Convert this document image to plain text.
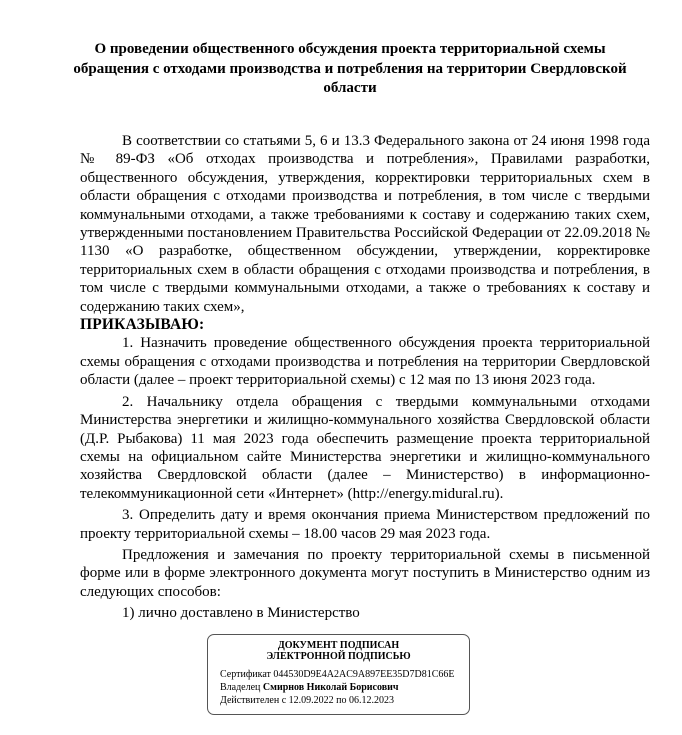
О проведении общественного обсуждения проекта территориальной схемы обращения с отходами производства и потребления на территории Свердловской области

В соответствии со статьями 5, 6 и 13.3 Федерального закона от 24 июня 1998 года № 89-ФЗ «Об отходах производства и потребления», Правилами разработки, общественного обсуждения, утверждения, корректировки территориальных схем в области обращения с отходами производства и потребления, в том числе с твердыми коммунальными отходами, а также требованиями к составу и содержанию таких схем, утвержденными постановлением Правительства Российской Федерации от 22.09.2018 № 1130 «О разработке, общественном обсуждении, утверждении, корректировке территориальных схем в области обращения с отходами производства и потребления, в том числе с твердыми коммунальными отходами, а также о требованиях к составу и содержанию таких схем»,

ПРИКАЗЫВАЮ:

1. Назначить проведение общественного обсуждения проекта территориальной схемы обращения с отходами производства и потребления на территории Свердловской области (далее – проект территориальной схемы) с 12 мая по 13 июня 2023 года.

2. Начальнику отдела обращения с твердыми коммунальными отходами Министерства энергетики и жилищно-коммунального хозяйства Свердловской области (Д.Р. Рыбакова) 11 мая 2023 года обеспечить размещение проекта территориальной схемы на официальном сайте Министерства энергетики и жилищно-коммунального хозяйства Свердловской области (далее – Министерство) в информационно-телекоммуникационной сети «Интернет» (http://energy.midural.ru).

3. Определить дату и время окончания приема Министерством предложений по проекту территориальной схемы – 18.00 часов 29 мая 2023 года.

Предложения и замечания по проекту территориальной схемы в письменной форме или в форме электронного документа могут поступить в Министерство одним из следующих способов:

1) лично доставлено в Министерство

ДОКУМЕНТ ПОДПИСАН
ЭЛЕКТРОННОЙ ПОДПИСЬЮ
Сертификат 044530D9E4A2AC9A897EE35D7D81C66E
Владелец Смирнов Николай Борисович
Действителен с 12.09.2022 по 06.12.2023
